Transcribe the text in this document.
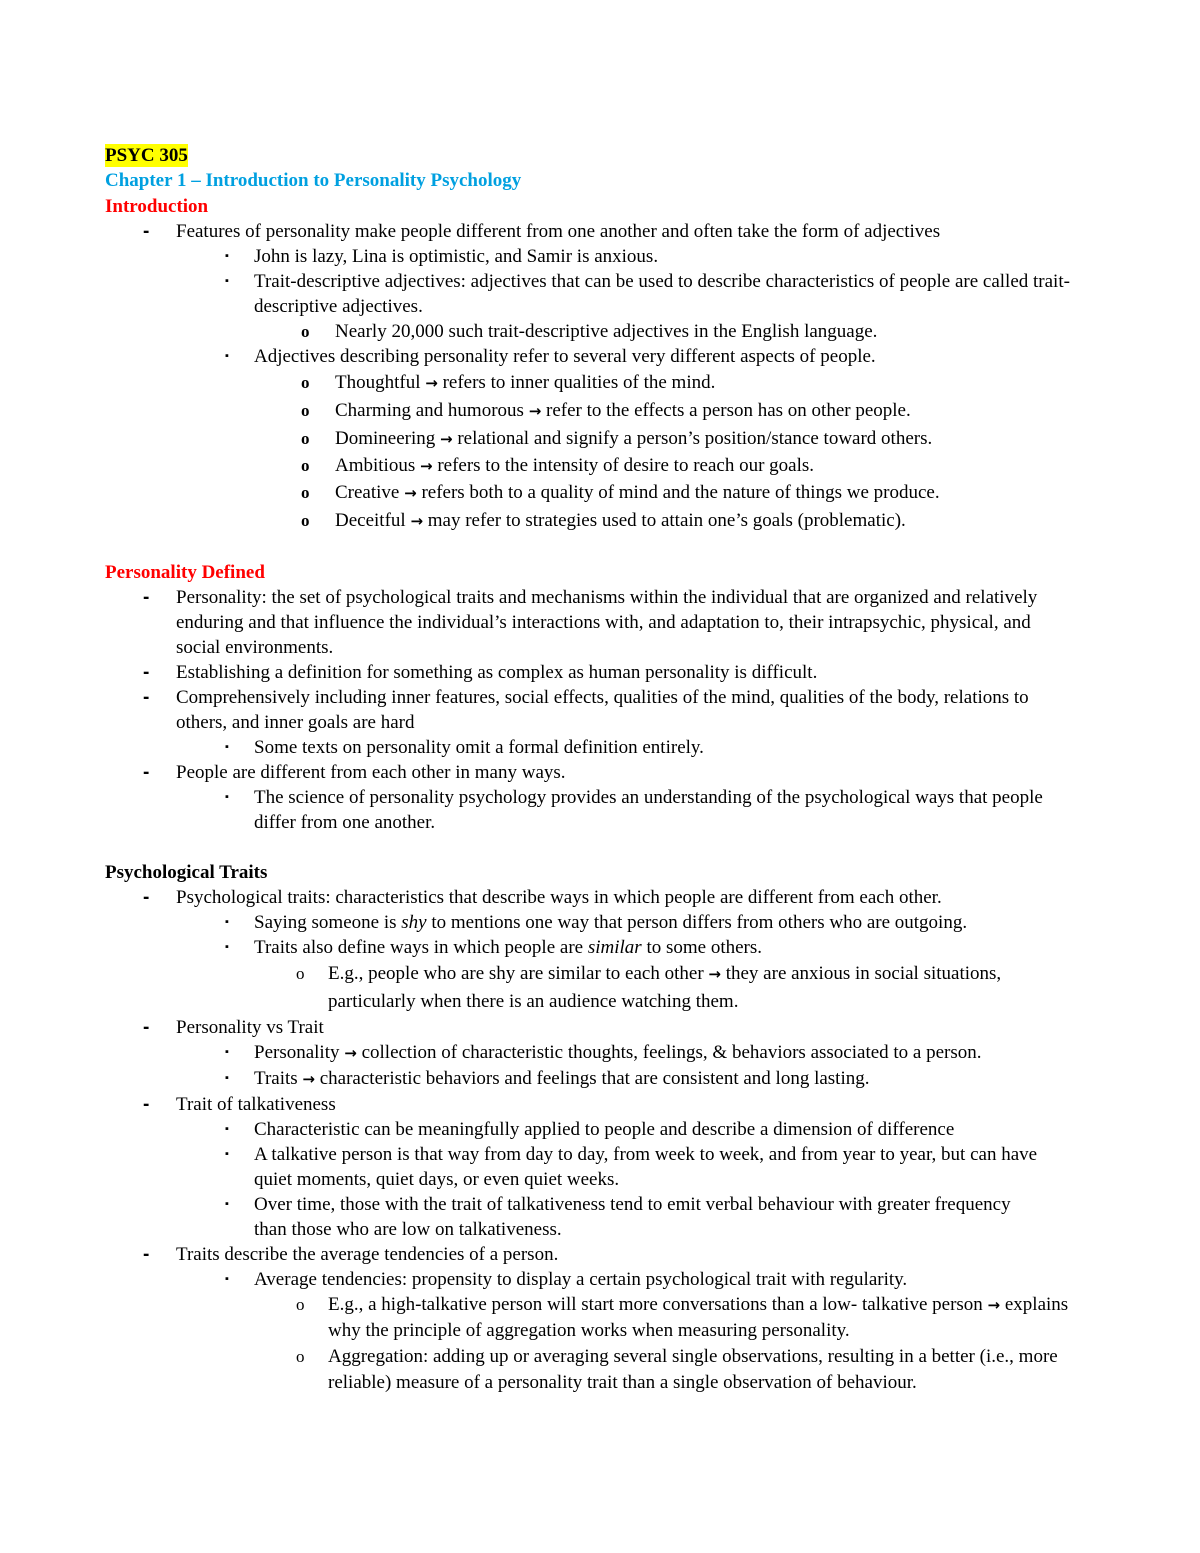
PSYC 305
Chapter 1 – Introduction to Personality Psychology
Introduction
- Features of personality make people different from one another and often take the form of adjectives
▪ John is lazy, Lina is optimistic, and Samir is anxious.
▪ Trait-descriptive adjectives: adjectives that can be used to describe characteristics of people are called trait-descriptive adjectives.
o Nearly 20,000 such trait-descriptive adjectives in the English language.
▪ Adjectives describing personality refer to several very different aspects of people.
o Thoughtful → refers to inner qualities of the mind.
o Charming and humorous → refer to the effects a person has on other people.
o Domineering → relational and signify a person’s position/stance toward others.
o Ambitious → refers to the intensity of desire to reach our goals.
o Creative → refers both to a quality of mind and the nature of things we produce.
o Deceitful → may refer to strategies used to attain one’s goals (problematic).
Personality Defined
- Personality: the set of psychological traits and mechanisms within the individual that are organized and relatively enduring and that influence the individual’s interactions with, and adaptation to, their intrapsychic, physical, and social environments.
- Establishing a definition for something as complex as human personality is difficult.
- Comprehensively including inner features, social effects, qualities of the mind, qualities of the body, relations to others, and inner goals are hard
▪ Some texts on personality omit a formal definition entirely.
- People are different from each other in many ways.
▪ The science of personality psychology provides an understanding of the psychological ways that people differ from one another.
Psychological Traits
- Psychological traits: characteristics that describe ways in which people are different from each other.
▪ Saying someone is shy to mentions one way that person differs from others who are outgoing.
▪ Traits also define ways in which people are similar to some others.
o E.g., people who are shy are similar to each other → they are anxious in social situations, particularly when there is an audience watching them.
- Personality vs Trait
▪ Personality → collection of characteristic thoughts, feelings, & behaviors associated to a person.
▪ Traits → characteristic behaviors and feelings that are consistent and long lasting.
- Trait of talkativeness
▪ Characteristic can be meaningfully applied to people and describe a dimension of difference
▪ A talkative person is that way from day to day, from week to week, and from year to year, but can have quiet moments, quiet days, or even quiet weeks.
▪ Over time, those with the trait of talkativeness tend to emit verbal behaviour with greater frequency than those who are low on talkativeness.
- Traits describe the average tendencies of a person.
▪ Average tendencies: propensity to display a certain psychological trait with regularity.
o E.g., a high-talkative person will start more conversations than a low- talkative person → explains why the principle of aggregation works when measuring personality.
o Aggregation: adding up or averaging several single observations, resulting in a better (i.e., more reliable) measure of a personality trait than a single observation of behaviour.
